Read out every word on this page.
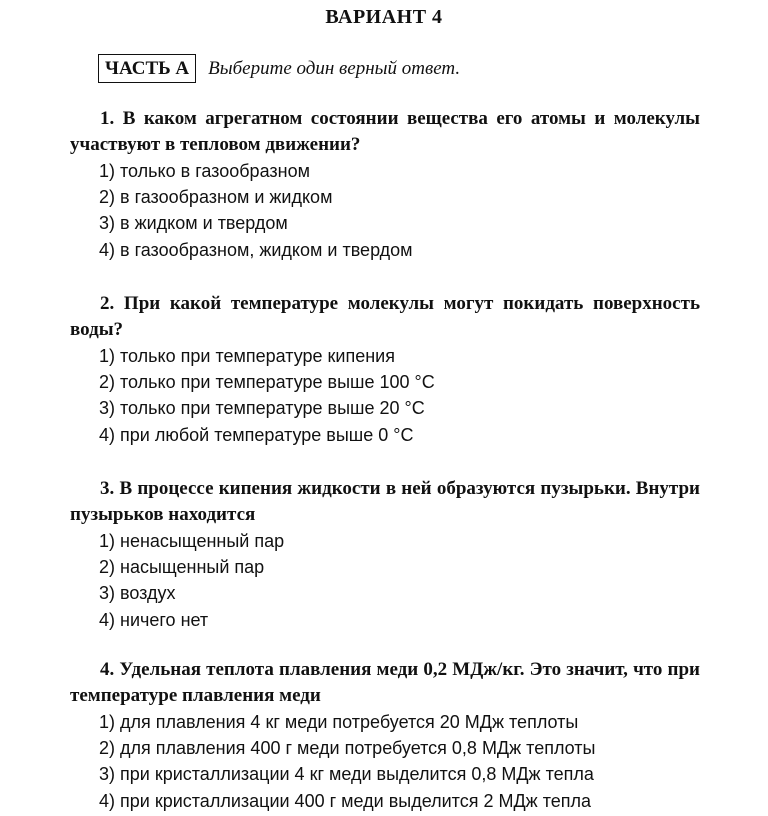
ВАРИАНТ 4
ЧАСТЬ А	Выберите один верный ответ.

1. В каком агрегатном состоянии вещества его атомы и молекулы участвуют в тепловом движении?

1) только в газообразном
2) в газообразном и жидком
3) в жидком и твердом
4) в газообразном, жидком и твердом

2. При какой температуре молекулы могут покидать поверхность воды?

1) только при температуре кипения
2) только при температуре выше 100 °С
3) только при температуре выше 20 °С
4) при любой температуре выше 0 °С

3. В процессе кипения жидкости в ней образуются пузырьки. Внутри пузырьков находится

1) ненасыщенный пар
2) насыщенный пар
3) воздух
4) ничего нет

4. Удельная теплота плавления меди 0,2 МДж/кг. Это значит, что при температуре плавления меди

1) для плавления 4 кг меди потребуется 20 МДж теплоты
2) для плавления 400 г меди потребуется 0,8 МДж теплоты
3) при кристаллизации 4 кг меди выделится 0,8 МДж тепла
4) при кристаллизации 400 г меди выделится 2 МДж тепла
